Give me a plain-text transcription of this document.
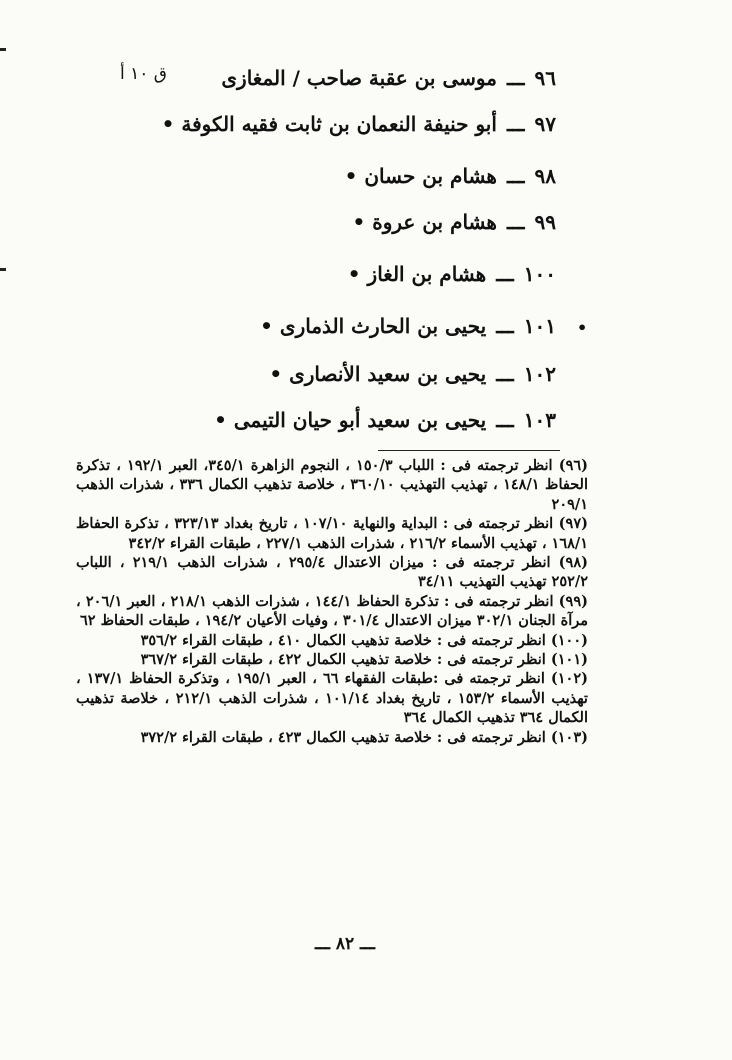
ق ١٠ أ	٩٦ـــموسى بن عقبة صاحب / المغازى
٩٧ـــأبو حنيفة النعمان بن ثابت فقيه الكوفة •
٩٨ـــهشام بن حسان •
٩٩ـــهشام بن عروة •
١٠٠ـــهشام بن الغاز •
•
١٠١ـــيحيى بن الحارث الذمارى •
١٠٢ـــيحيى بن سعيد الأنصارى •
١٠٣ـــيحيى بن سعيد أبو حيان التيمى •

(٩٦) انظر ترجمته فى : اللباب ١٥٠/٣ ، النجوم الزاهرة ٣٤٥/١، العبر ١٩٢/١ ، تذكرة الحفاظ ١٤٨/١ ، تهذيب التهذيب ٣٦٠/١٠ ، خلاصة تذهيب الكمال ٣٣٦ ، شذرات الذهب ٢٠٩/١

(٩٧) انظر ترجمته فى : البداية والنهاية ١٠٧/١٠ ، تاريخ بغداد ٣٢٣/١٣ ، تذكرة الحفاظ ١٦٨/١ ، تهذيب الأسماء ٢١٦/٢ ، شذرات الذهب ٢٢٧/١ ، طبقات القراء ٣٤٢/٢

(٩٨) انظر ترجمته فى : ميزان الاعتدال ٢٩٥/٤ ، شذرات الذهب ٢١٩/١ ، اللباب ٢٥٢/٢ تهذيب التهذيب ٣٤/١١

(٩٩) انظر ترجمته فى : تذكرة الحفاظ ١٤٤/١ ، شذرات الذهب ٢١٨/١ ، العبر ٢٠٦/١ ، مرآة الجنان ٣٠٢/١ ميزان الاعتدال ٣٠١/٤ ، وفيات الأعيان ١٩٤/٢ ، طبقات الحفاظ ٦٢

(١٠٠) انظر ترجمته فى : خلاصة تذهيب الكمال ٤١٠ ، طبقات القراء ٣٥٦/٢

(١٠١) انظر ترجمته فى : خلاصة تذهيب الكمال ٤٢٢ ، طبقات القراء ٣٦٧/٢

(١٠٢) انظر ترجمته فى :طبقات الفقهاء ٦٦ ، العبر ١٩٥/١ ، وتذكرة الحفاظ ١٣٧/١ ، تهذيب الأسماء ١٥٣/٢ ، تاريخ بغداد ١٠١/١٤ ، شذرات الذهب ٢١٢/١ ، خلاصة تذهيب الكمال ٣٦٤ تذهيب الكمال ٣٦٤

(١٠٣) انظر ترجمته فى : خلاصة تذهيب الكمال ٤٢٣ ، طبقات القراء ٣٧٢/٢

ـــ ٨٢ ـــ
